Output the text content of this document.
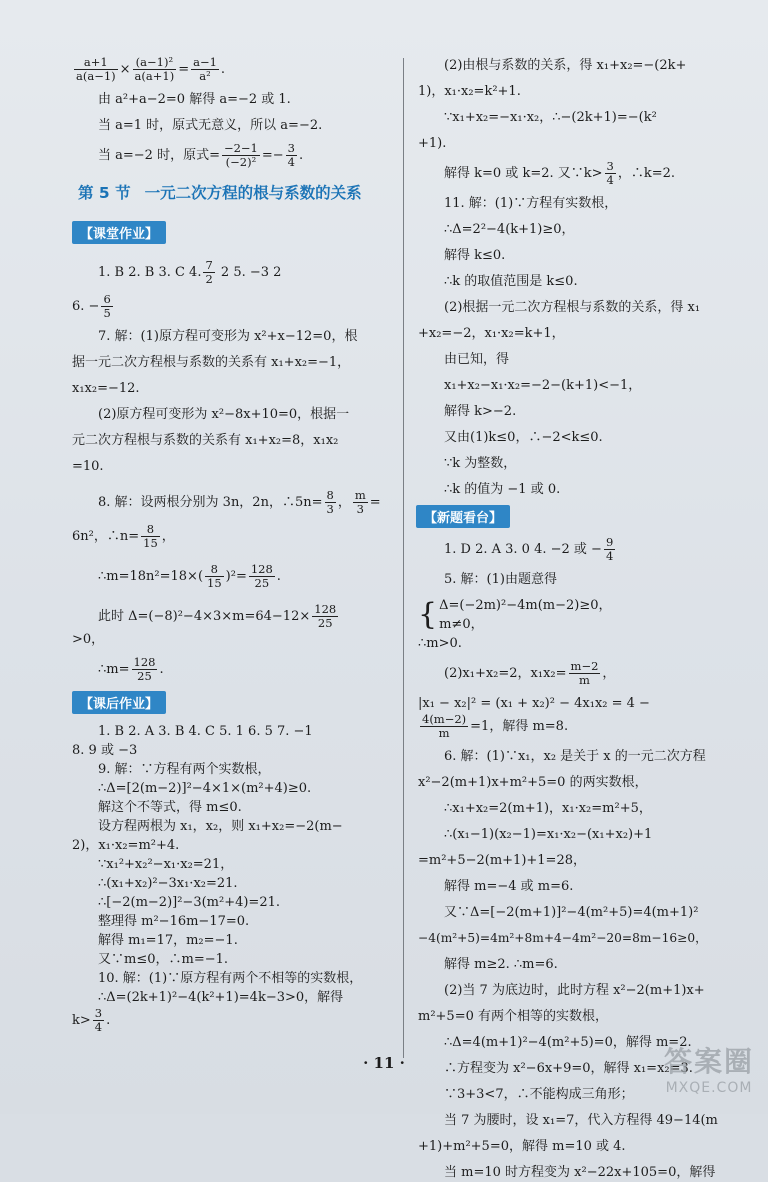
$\frac{a+1}{a(a-1)} \times \frac{\text{(a−1)²}}{a(a+1)} = \frac{a-1}{\text{a²}}$ .
由 a²+a−2=0 解得 a=−2 或 1.
当 a=1 时，原式无意义，所以 a=−2.
当 a=−2 时，原式= $\frac{-2-1}{\text{(−2)²}} =- \frac{3}{4}$ .
第 5 节 一元二次方程的根与系数的关系
【课堂作业】
1. B 2. B 3. C 4. $\frac{7}{2} 2$ 5. −3 2
6. − $\frac{6}{5}$
7. 解：(1)原方程可变形为 x²+x−12=0，根
据一元二次方程根与系数的关系有 x₁+x₂=−1，
x₁x₂=−12.
(2)原方程可变形为 x²−8x+10=0，根据一
元二次方程根与系数的关系有 x₁+x₂=8，x₁x₂
=10.
8. 解：设两根分别为 3n，2n，∴5n= $\frac{8}{3}$ ， $\frac{m}{3}$ =
6n²，∴n= $\frac{8}{15}$ ，
∴m=18n²=18×( $\frac{8}{15} )^2= \frac{128}{25}$ .
此时 $\Delta=(-8)^2-4\times 3\times m=64-12\times \frac{128}{25}$
>0，
∴m= $\frac{128}{25}$ .
【课后作业】
1. B 2. A 3. B 4. C 5. 1 6. 5 7. −1
8. 9 或 −3
9. 解：∵方程有两个实数根，
∴Δ=[2(m−2)]²−4×1×(m²+4)≥0.
解这个不等式，得 m≤0.
设方程两根为 x₁，x₂，则 x₁+x₂=−2(m−
2)，x₁·x₂=m²+4.
∵x₁²+x₂²−x₁·x₂=21，
∴(x₁+x₂)²−3x₁·x₂=21.
∴[−2(m−2)]²−3(m²+4)=21.
整理得 m²−16m−17=0.
解得 m₁=17，m₂=−1.
又∵m≤0，∴m=−1.
10. 解：(1)∵原方程有两个不相等的实数根，
∴Δ=(2k+1)²−4(k²+1)=4k−3>0，解得
$k> \frac{3}{4}$ .
(2)由根与系数的关系，得 x₁+x₂=−(2k+
1)，x₁·x₂=k²+1.
∵x₁+x₂=−x₁·x₂，∴−(2k+1)=−(k²
+1).
解得 k=0 或 k=2. 又∵k> $\frac{3}{4}$ ，∴k=2.
11. 解：(1)∵方程有实数根，
∴Δ=2²−4(k+1)≥0，
解得 k≤0.
∴k 的取值范围是 k≤0.
(2)根据一元二次方程根与系数的关系，得 x₁
+x₂=−2，x₁·x₂=k+1，
由已知，得
x₁+x₂−x₁·x₂=−2−(k+1)<−1，
解得 k>−2.
又由(1)k≤0，∴−2<k≤0.
∵k 为整数，
∴k 的值为 −1 或 0.
【新题看台】
1. D 2. A 3. 0 4. −2 或 − $\frac{9}{4}$
5. 解：(1)由题意得
{ Δ=(−2m)²−4m(m−2)≥0，
m≠0，
∴m>0.
(2)x₁+x₂=2，$x_1x_2= \frac{m-2}{m}$ ，
|x₁ − x₂|² = (x₁ + x₂)² − 4x₁x₂ = 4 −
$\frac{4(m-2)}{m} =1$，解得 m=8.
6. 解：(1)∵x₁，x₂ 是关于 x 的一元二次方程
x²−2(m+1)x+m²+5=0 的两实数根，
∴x₁+x₂=2(m+1)，x₁·x₂=m²+5，
∴(x₁−1)(x₂−1)=x₁·x₂−(x₁+x₂)+1
=m²+5−2(m+1)+1=28，
解得 m=−4 或 m=6.
又∵Δ=[−2(m+1)]²−4(m²+5)=4(m+1)²
−4(m²+5)=4m²+8m+4−4m²−20=8m−16≥0，
解得 m≥2. ∴m=6.
(2)当 7 为底边时，此时方程 x²−2(m+1)x+
m²+5=0 有两个相等的实数根，
∴Δ=4(m+1)²−4(m²+5)=0，解得 m=2.
∴方程变为 x²−6x+9=0，解得 x₁=x₂=3.
∵3+3<7，∴不能构成三角形；
当 7 为腰时，设 x₁=7，代入方程得 49−14(m
+1)+m²+5=0，解得 m=10 或 4.
当 m=10 时方程变为 x²−22x+105=0，解得
· 11 ·	答案圈
MXQE.COM
